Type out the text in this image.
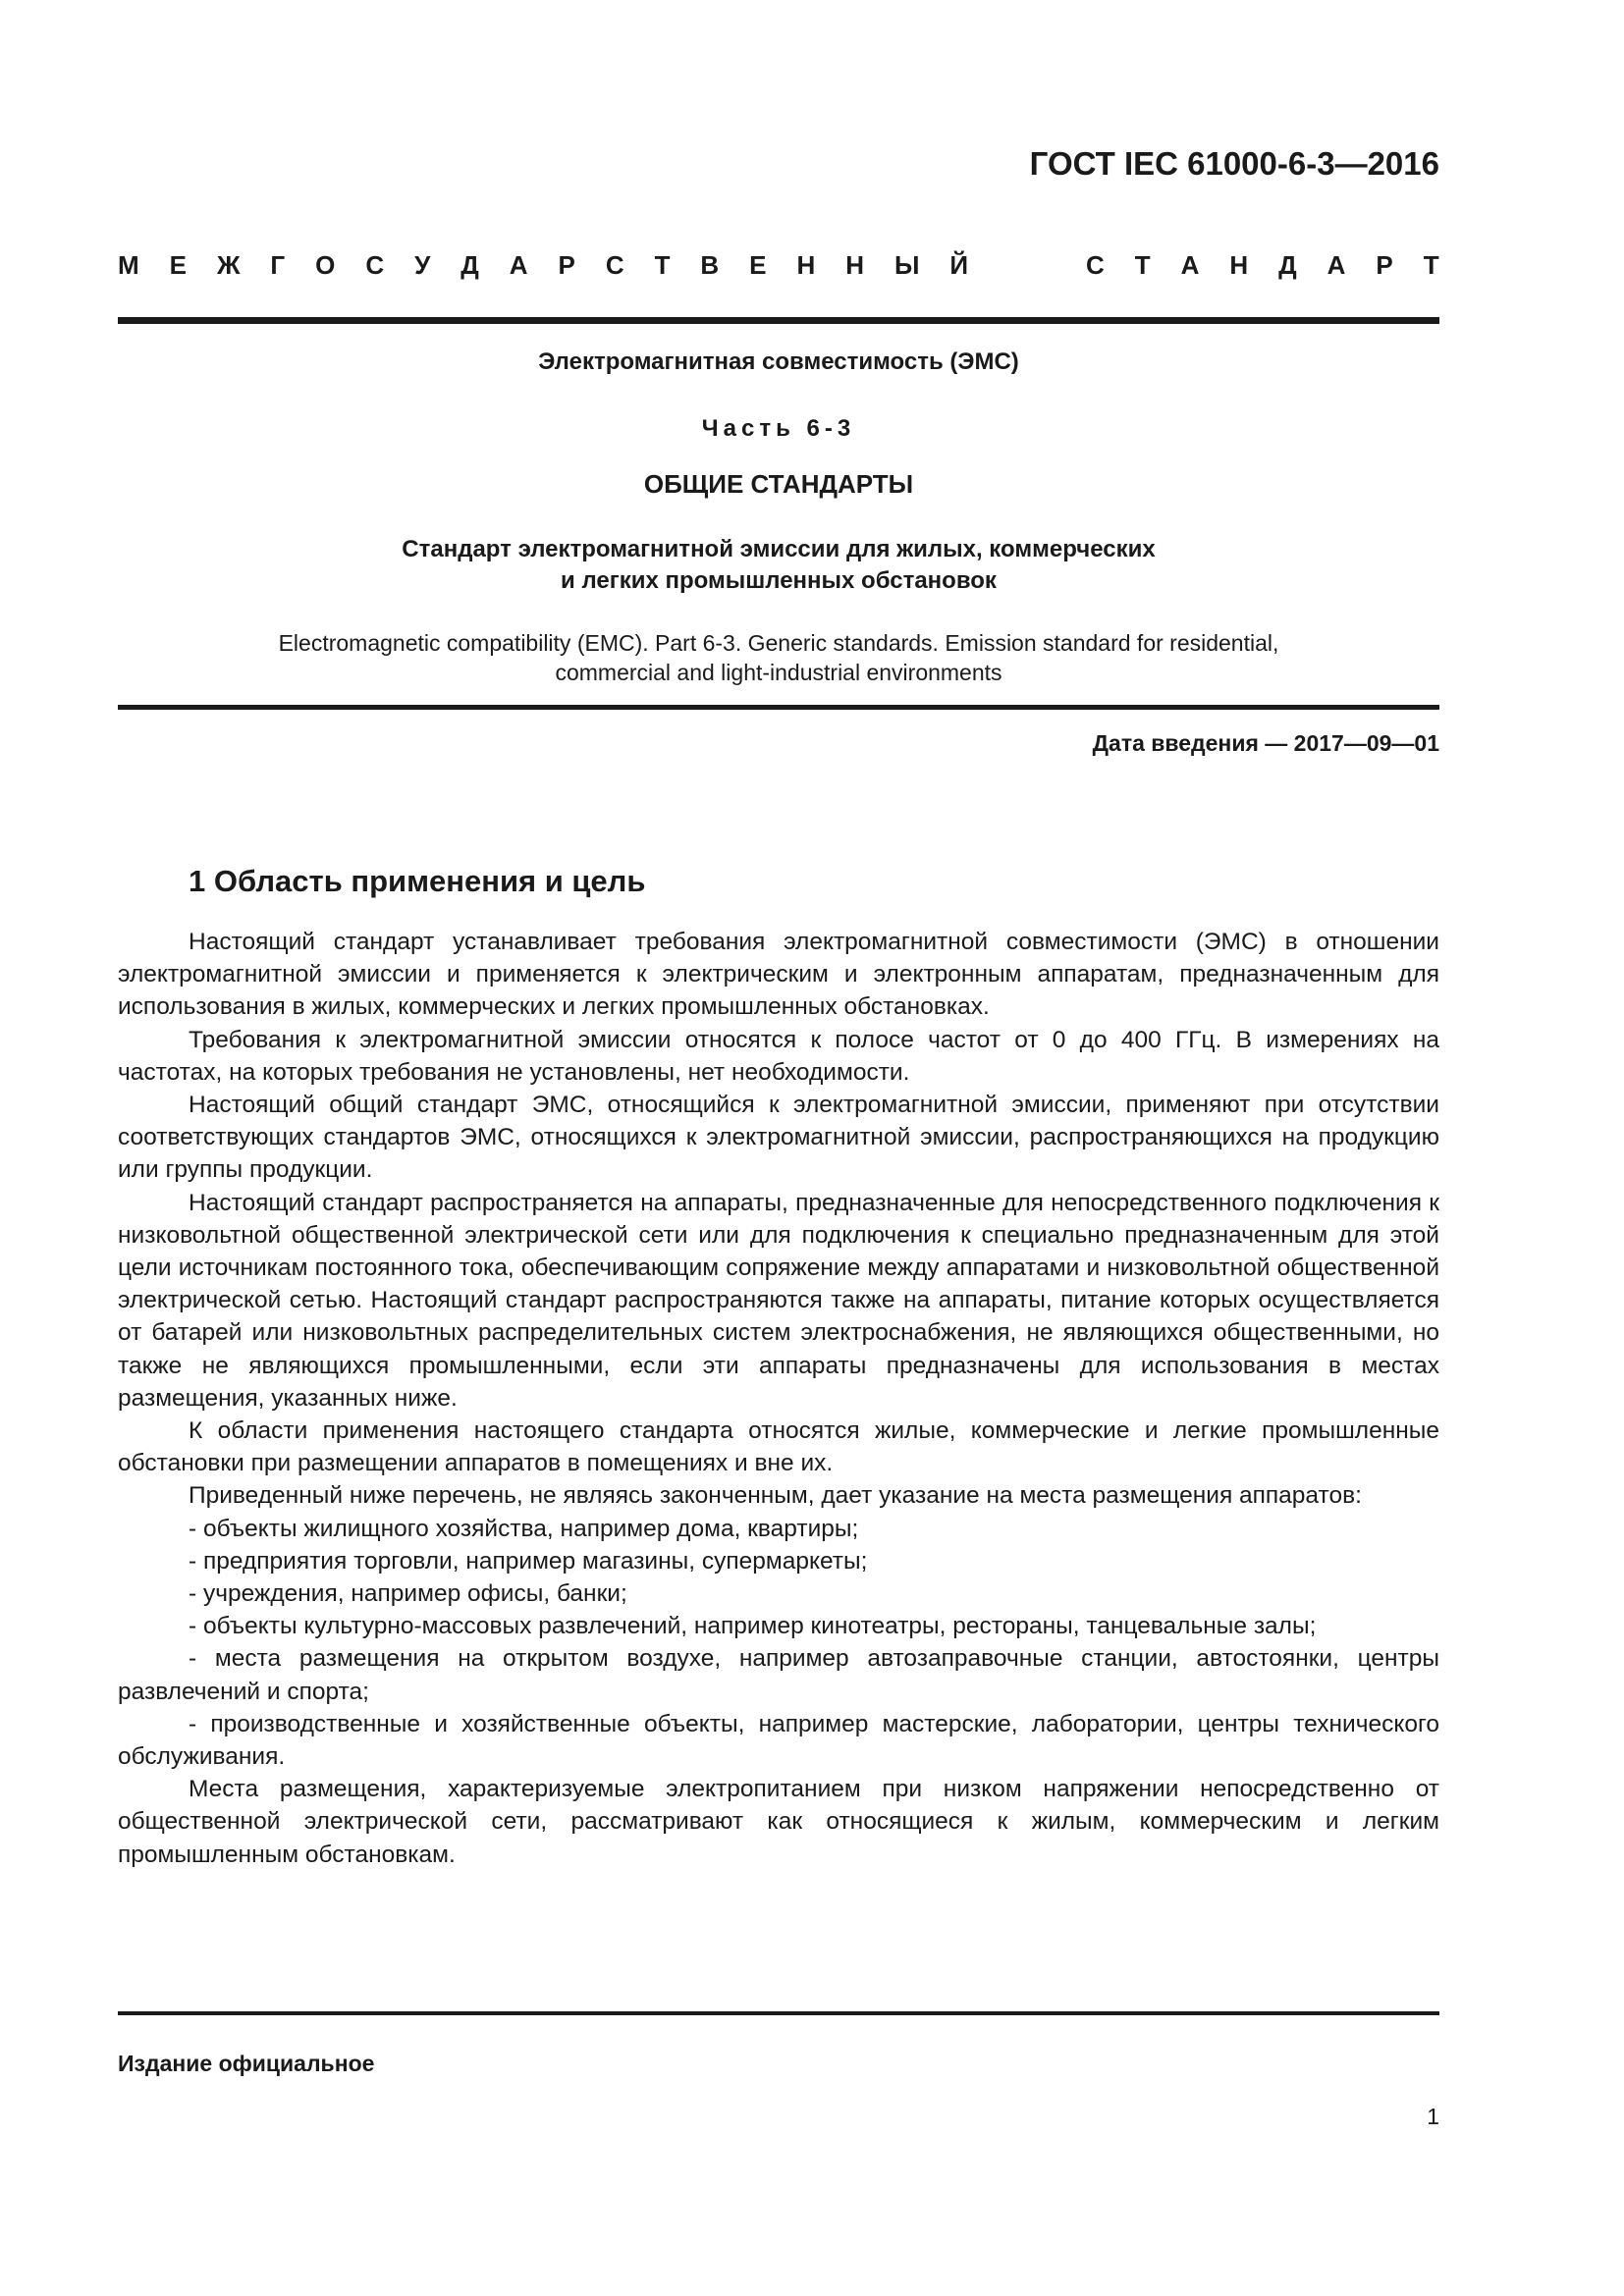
ГОСТ IEC 61000-6-3—2016
М Е Ж Г О С У Д А Р С Т В Е Н Н Ы Й	С Т А Н Д А Р Т
Электромагнитная совместимость (ЭМС)
Часть 6-3
ОБЩИЕ СТАНДАРТЫ
Стандарт электромагнитной эмиссии для жилых, коммерческих
и легких промышленных обстановок
Electromagnetic compatibility (EMC). Part 6-3. Generic standards. Emission standard for residential,
commercial and light-industrial environments
Дата введения — 2017—09—01
1 Область применения и цель

Настоящий стандарт устанавливает требования электромагнитной совместимости (ЭМС) в отношении электромагнитной эмиссии и применяется к электрическим и электронным аппаратам, предназначенным для использования в жилых, коммерческих и легких промышленных обстановках.

Требования к электромагнитной эмиссии относятся к полосе частот от 0 до 400 ГГц. В измерениях на частотах, на которых требования не установлены, нет необходимости.

Настоящий общий стандарт ЭМС, относящийся к электромагнитной эмиссии, применяют при отсутствии соответствующих стандартов ЭМС, относящихся к электромагнитной эмиссии, распространяющихся на продукцию или группы продукции.

Настоящий стандарт распространяется на аппараты, предназначенные для непосредственного подключения к низковольтной общественной электрической сети или для подключения к специально предназначенным для этой цели источникам постоянного тока, обеспечивающим сопряжение между аппаратами и низковольтной общественной электрической сетью. Настоящий стандарт распространяются также на аппараты, питание которых осуществляется от батарей или низковольтных распределительных систем электроснабжения, не являющихся общественными, но также не являющихся промышленными, если эти аппараты предназначены для использования в местах размещения, указанных ниже.

К области применения настоящего стандарта относятся жилые, коммерческие и легкие промышленные обстановки при размещении аппаратов в помещениях и вне их.

Приведенный ниже перечень, не являясь законченным, дает указание на места размещения аппаратов:

- объекты жилищного хозяйства, например дома, квартиры;

- предприятия торговли, например магазины, супермаркеты;

- учреждения, например офисы, банки;

- объекты культурно-массовых развлечений, например кинотеатры, рестораны, танцевальные залы;

- места размещения на открытом воздухе, например автозаправочные станции, автостоянки, центры развлечений и спорта;

- производственные и хозяйственные объекты, например мастерские, лаборатории, центры технического обслуживания.

Места размещения, характеризуемые электропитанием при низком напряжении непосредственно от общественной электрической сети, рассматривают как относящиеся к жилым, коммерческим и легким промышленным обстановкам.

Издание официальное
1
